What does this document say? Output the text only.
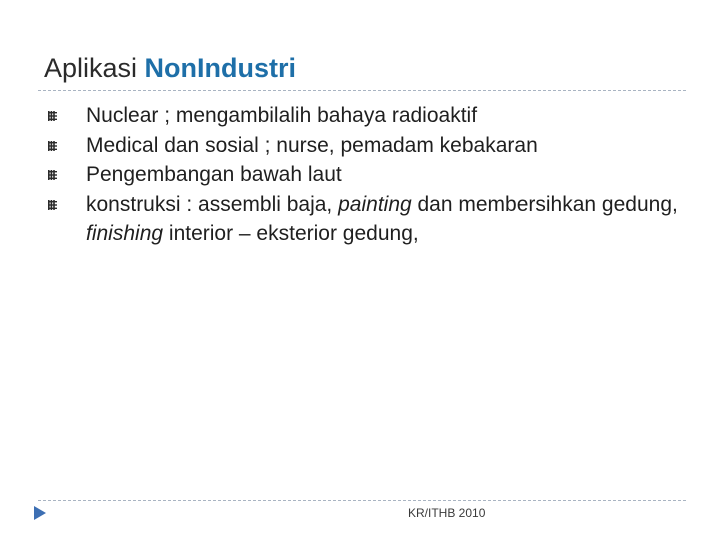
Aplikasi NonIndustri
Nuclear ; mengambilalih bahaya radioaktif
Medical dan sosial ; nurse, pemadam kebakaran
Pengembangan bawah laut
konstruksi : assembli baja, painting dan membersihkan gedung, finishing interior – eksterior gedung,
KR/ITHB 2010
